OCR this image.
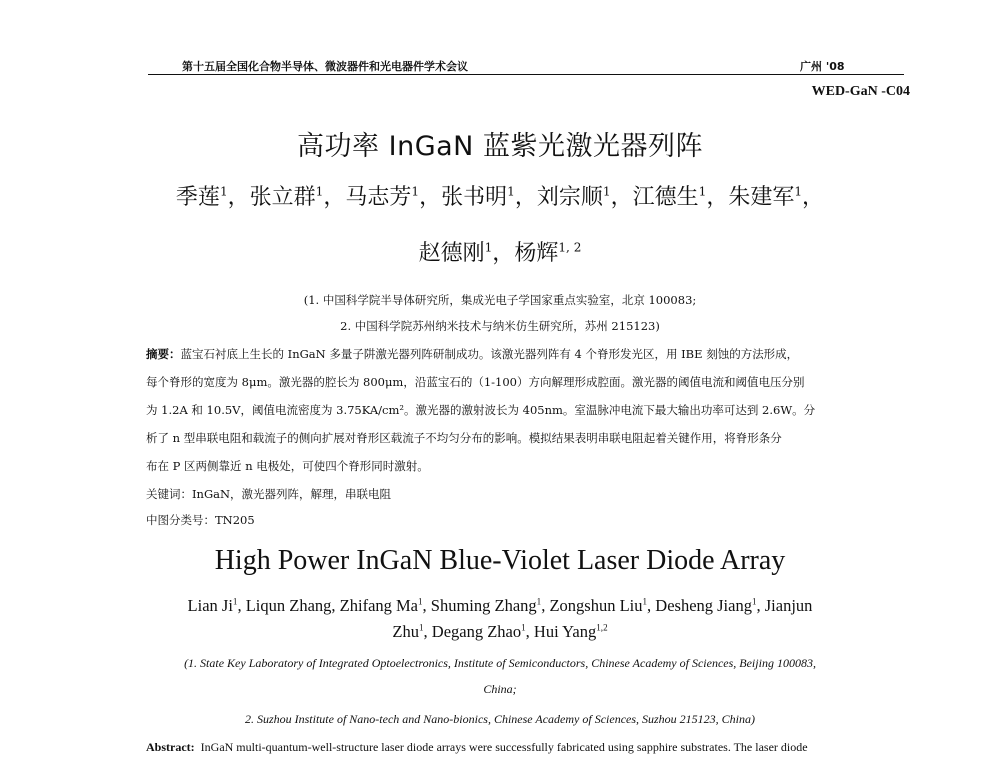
第十五届全国化合物半导体、微波器件和光电器件学术会议	广州 '08
WED-GaN -C04
高功率 InGaN 蓝紫光激光器列阵
季莲$^1$，张立群$^1$，马志芳$^1$，张书明$^1$，刘宗顺$^1$，江德生$^1$，朱建军$^1$，
赵德刚$^1$，杨辉$^{1, 2}$
(1. 中国科学院半导体研究所，集成光电子学国家重点实验室，北京 100083;
2. 中国科学院苏州纳米技术与纳米仿生研究所，苏州 215123)
摘要：蓝宝石衬底上生长的 InGaN 多量子阱激光器列阵研制成功。该激光器列阵有 4 个脊形发光区，用 IBE 刻蚀的方法形成，
每个脊形的宽度为 8μm。激光器的腔长为 800μm，沿蓝宝石的（1-100）方向解理形成腔面。激光器的阈值电流和阈值电压分别
为 1.2A 和 10.5V，阈值电流密度为 3.75KA/cm²。激光器的激射波长为 405nm。室温脉冲电流下最大输出功率可达到 2.6W。分
析了 n 型串联电阻和载流子的侧向扩展对脊形区载流子不均匀分布的影响。模拟结果表明串联电阻起着关键作用，将脊形条分
布在 P 区两侧靠近 n 电极处，可使四个脊形同时激射。
关键词：InGaN，激光器列阵，解理，串联电阻
中图分类号：TN205
High Power InGaN Blue-Violet Laser Diode Array
Lian Ji$^1$, Liqun Zhang, Zhifang Ma$^1$, Shuming Zhang$^1$, Zongshun Liu$^1$, Desheng Jiang$^1$, Jianjun
Zhu$^1$, Degang Zhao$^1$, Hui Yang$^{1,2}$
(1. State Key Laboratory of Integrated Optoelectronics, Institute of Semiconductors, Chinese Academy of Sciences, Beijing 100083,
China;
2. Suzhou Institute of Nano-tech and Nano-bionics, Chinese Academy of Sciences, Suzhou 215123, China)
Abstract: InGaN multi-quantum-well-structure laser diode arrays were successfully fabricated using sapphire substrates. The laser diode
